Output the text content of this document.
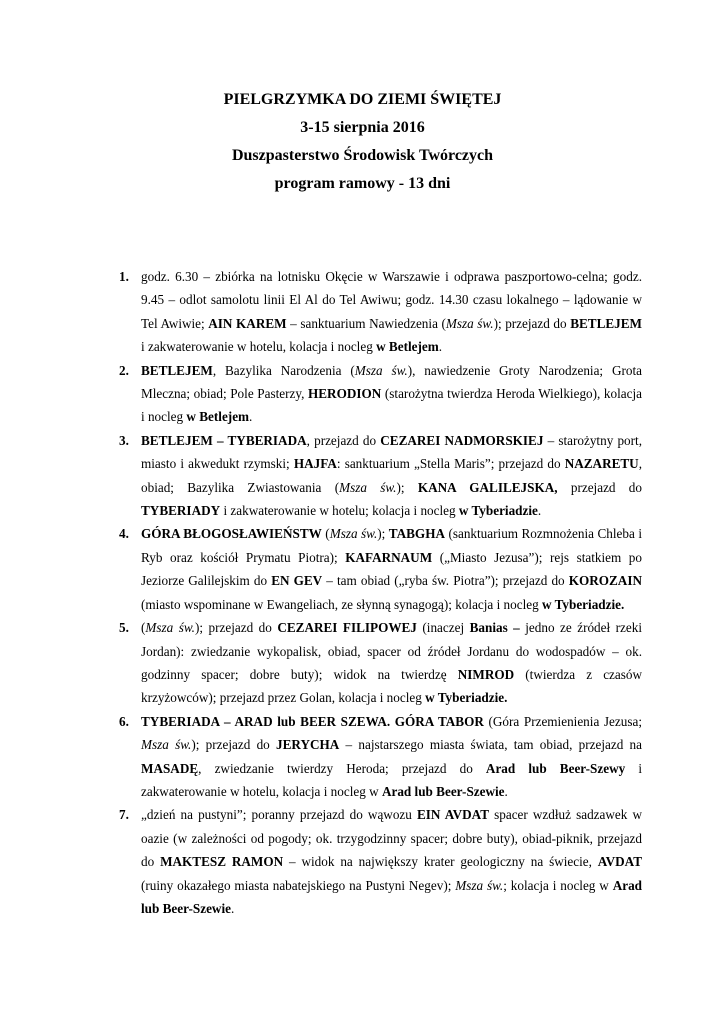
PIELGRZYMKA DO ZIEMI ŚWIĘTEJ
3-15 sierpnia 2016
Duszpasterstwo Środowisk Twórczych
program ramowy - 13 dni
1. godz. 6.30 – zbiórka na lotnisku Okęcie w Warszawie i odprawa paszportowo-celna; godz. 9.45 – odlot samolotu linii El Al do Tel Awiwu; godz. 14.30 czasu lokalnego – lądowanie w Tel Awiwie; AIN KAREM – sanktuarium Nawiedzenia (Msza św.); przejazd do BETLEJEM i zakwaterowanie w hotelu, kolacja i nocleg w Betlejem.
2. BETLEJEM, Bazylika Narodzenia (Msza św.), nawiedzenie Groty Narodzenia; Grota Mleczna; obiad; Pole Pasterzy, HERODION (starożytna twierdza Heroda Wielkiego), kolacja i nocleg w Betlejem.
3. BETLEJEM – TYBERIADA, przejazd do CEZAREI NADMORSKIEJ – starożytny port, miasto i akwedukt rzymski; HAJFA: sanktuarium „Stella Maris”; przejazd do NAZARETU, obiad; Bazylika Zwiastowania (Msza św.); KANA GALILEJSKA, przejazd do TYBERIADY i zakwaterowanie w hotelu; kolacja i nocleg w Tyberiadzie.
4. GÓRA BŁOGOSŁAWIEŃSTW (Msza św.); TABGHA (sanktuarium Rozmnożenia Chleba i Ryb oraz kościół Prymatu Piotra); KAFARNAUM („Miasto Jezusa”); rejs statkiem po Jeziorze Galilejskim do EN GEV – tam obiad („ryba św. Piotra”); przejazd do KOROZAIN (miasto wspominane w Ewangeliach, ze słynną synagogą); kolacja i nocleg w Tyberiadzie.
5. (Msza św.); przejazd do CEZAREI FILIPOWEJ (inaczej Banias – jedno ze źródeł rzeki Jordan): zwiedzanie wykopalisk, obiad, spacer od źródeł Jordanu do wodospadów – ok. godzinny spacer; dobre buty); widok na twierdzę NIMROD (twierdza z czasów krzyżowców); przejazd przez Golan, kolacja i nocleg w Tyberiadzie.
6. TYBERIADA – ARAD lub BEER SZEWA. GÓRA TABOR (Góra Przemienienia Jezusa; Msza św.); przejazd do JERYCHA – najstarszego miasta świata, tam obiad, przejazd na MASADĘ, zwiedzanie twierdzy Heroda; przejazd do Arad lub Beer-Szewy i zakwaterowanie w hotelu, kolacja i nocleg w Arad lub Beer-Szewie.
7. „dzień na pustyni”; poranny przejazd do wąwozu EIN AVDAT spacer wzdłuż sadzawek w oazie (w zależności od pogody; ok. trzygodzinny spacer; dobre buty), obiad-piknik, przejazd do MAKTESZ RAMON – widok na największy krater geologiczny na świecie, AVDAT (ruiny okazałego miasta nabatejskiego na Pustyni Negev); Msza św.; kolacja i nocleg w Arad lub Beer-Szewie.
